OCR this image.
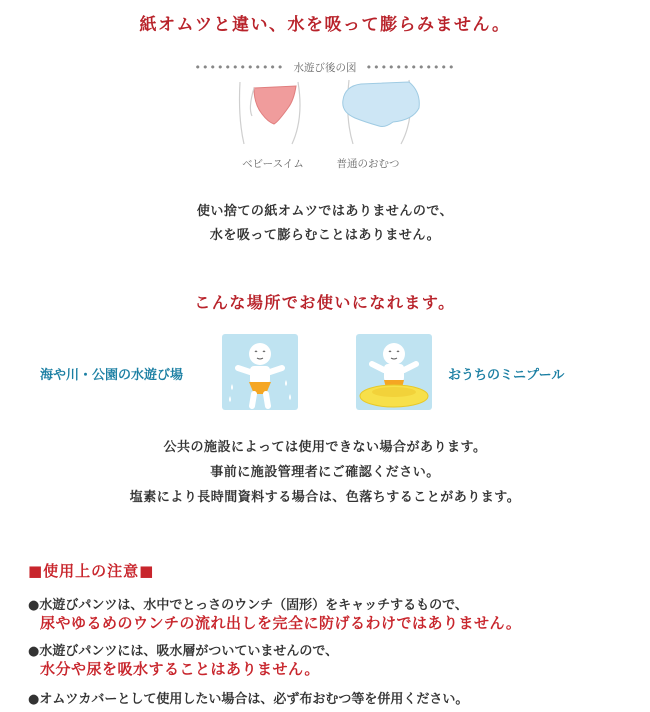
紙オムツと違い、水を吸って膨らみません。
•••••••••••• 水遊び後の図 ••••••••••••
ベビースイム	普通のおむつ
使い捨ての紙オムツではありませんので、
水を吸って膨らむことはありません。
こんな場所でお使いになれます。
海や川・公園の水遊び場	おうちのミニプール
公共の施設によっては使用できない場合があります。
事前に施設管理者にご確認ください。
塩素により長時間資料する場合は、色落ちすることがあります。
■使用上の注意■
●水遊びパンツは、水中でとっさのウンチ（固形）をキャッチするもので、
尿やゆるめのウンチの流れ出しを完全に防げるわけではありません。
●水遊びパンツには、吸水層がついていませんので、
水分や尿を吸水することはありません。
●オムツカバーとして使用したい場合は、必ず布おむつ等を併用ください。
